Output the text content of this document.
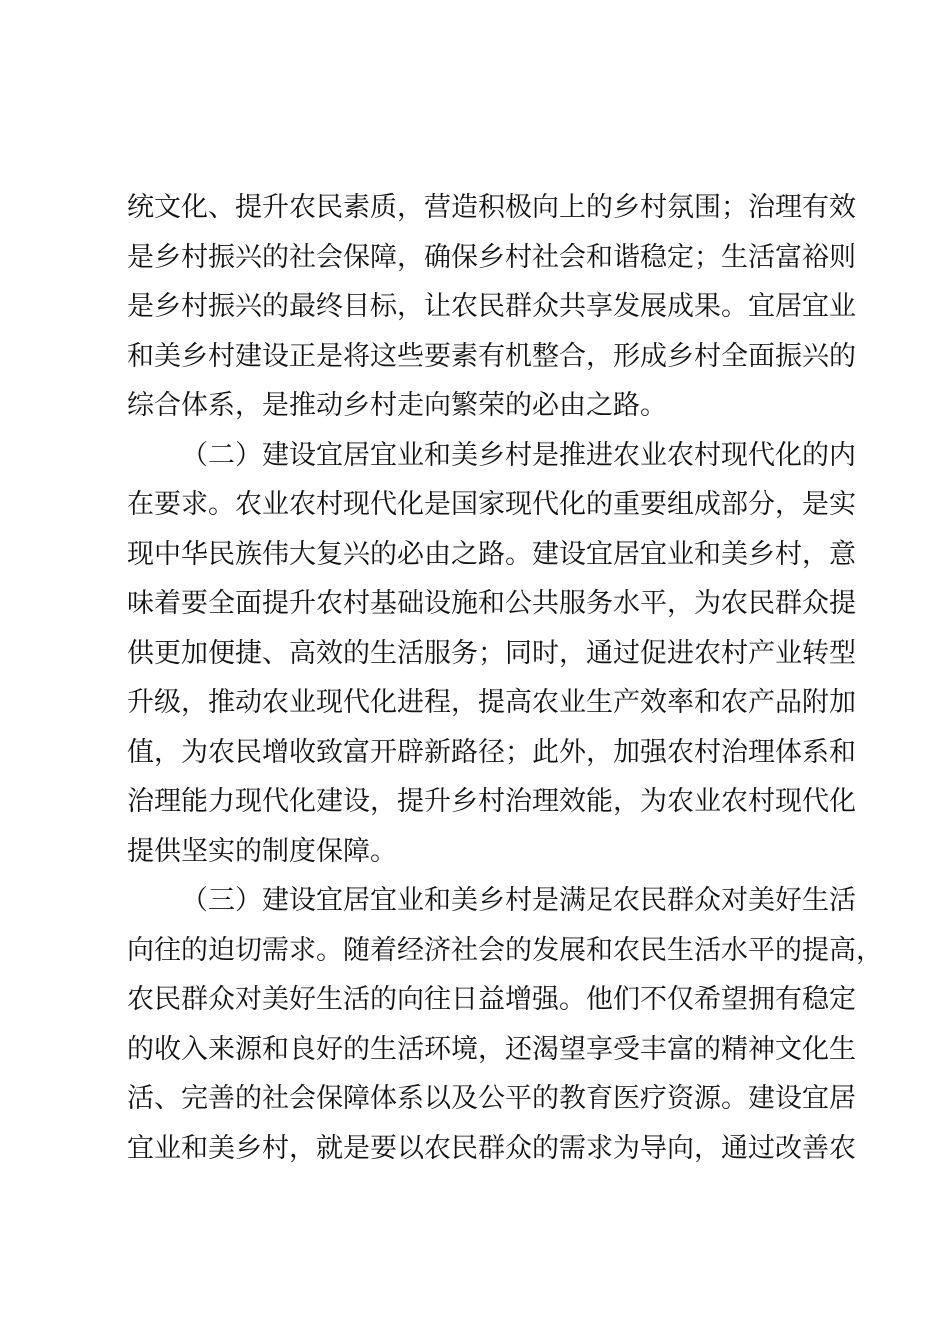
统文化、提升农民素质，营造积极向上的乡村氛围；治理有效
是乡村振兴的社会保障，确保乡村社会和谐稳定；生活富裕则
是乡村振兴的最终目标，让农民群众共享发展成果。宜居宜业
和美乡村建设正是将这些要素有机整合，形成乡村全面振兴的
综合体系，是推动乡村走向繁荣的必由之路。
（二）建设宜居宜业和美乡村是推进农业农村现代化的内
在要求。农业农村现代化是国家现代化的重要组成部分，是实
现中华民族伟大复兴的必由之路。建设宜居宜业和美乡村，意
味着要全面提升农村基础设施和公共服务水平，为农民群众提
供更加便捷、高效的生活服务；同时，通过促进农村产业转型
升级，推动农业现代化进程，提高农业生产效率和农产品附加
值，为农民增收致富开辟新路径；此外，加强农村治理体系和
治理能力现代化建设，提升乡村治理效能，为农业农村现代化
提供坚实的制度保障。
（三）建设宜居宜业和美乡村是满足农民群众对美好生活
向往的迫切需求。随着经济社会的发展和农民生活水平的提高，
农民群众对美好生活的向往日益增强。他们不仅希望拥有稳定
的收入来源和良好的生活环境，还渴望享受丰富的精神文化生
活、完善的社会保障体系以及公平的教育医疗资源。建设宜居
宜业和美乡村，就是要以农民群众的需求为导向，通过改善农
